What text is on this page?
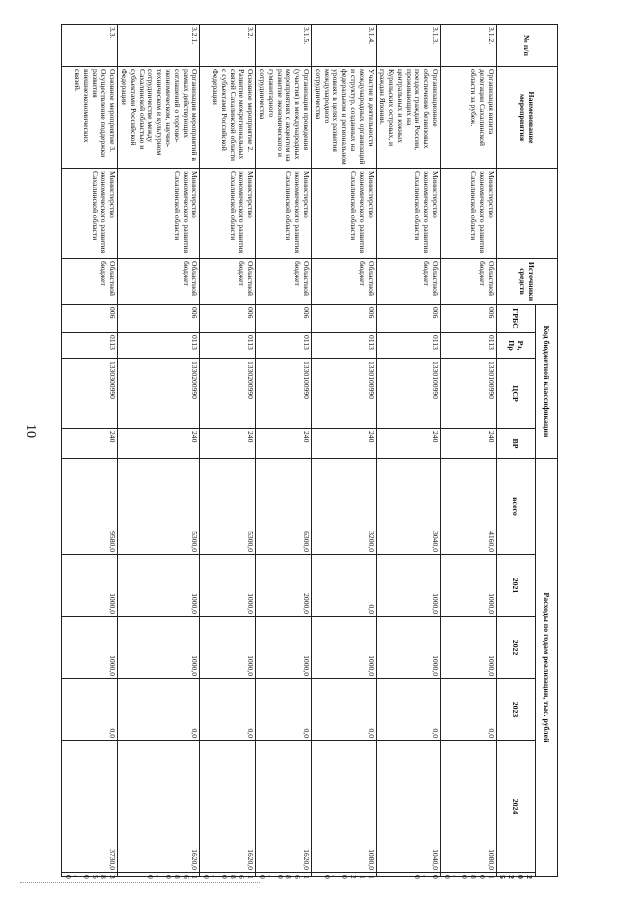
10
№ п/п	Наименование мероприятия		Источники средств	Код бюджетной классификации				Расходы по годам реализации, тыс. рублей					
				ГРБС	Рз, Пр	ЦСР	ВР	всего	2021	2022	2023	2024	2025
3.1.2.	Организация визита делегации Сахалинской области за рубеж.	Министерство экономического развития Сахалинской области	Областной бюджет	006	0113	1330100990	240	4160,0	1000,0	1000,0	0,0	1080,0	1080,0
3.1.3.	Организационное обеспечение безвизовых поездок граждан России, проживающих на центральных и южных Курильских островах, и граждан Японии.	Министерство экономического развития Сахалинской области	Областной бюджет	006	0113	1330100990	240	3040,0	1000,0	1000,0	0,0	1040,0	0,0
3.1.4.	Участие в деятельности международных организаций и структур, созданных на федеральном и региональном уровнях в целях развития международного сотрудничества	Министерство экономического развития Сахалинской области	Областной бюджет	006	0113	1330100990	240	3200,0	0,0	1000,0	0,0	1080,0	1120,0
3.1.5.	Организация проведения (участия) в международных мероприятиях с акцентом на развитие экономического и гуманитарного сотрудничества	Министерство экономического развития Сахалинской области	Областной бюджет	006	0113	1330100990	240	6300,0	2000,0	1000,0	0,0	1620,0	1680,0
3.2.	Основное мероприятие 2. Развитие межрегиональных связей Сахалинской области с субъектами Российской Федерации	Министерство экономического развития Сахалинской области	Областной бюджет	006	0113	1330200990	240	5300,0	1000,0	1000,0	0,0	1620,0	1680,0
3.2.1.	Организация мероприятий в рамках действующих соглашений о торгово-экономическом, научно-техническом и культурном сотрудничестве между Сахалинской областью и субъектами Российской Федерации	Министерство экономического развития Сахалинской области	Областной бюджет	006	0113	1330200990	240	5300,0	1000,0	1000,0	0,0	1620,0	1680,0
3.3.	Основное мероприятие 3. Осуществление поддержки развития внешнеэкономических связей.	Министерство экономического развития Сахалинской области	Областной бюджет	006	0113	1330300990	240	9580,0	1000,0	1000,0	0,0	3730,0	3850,0
